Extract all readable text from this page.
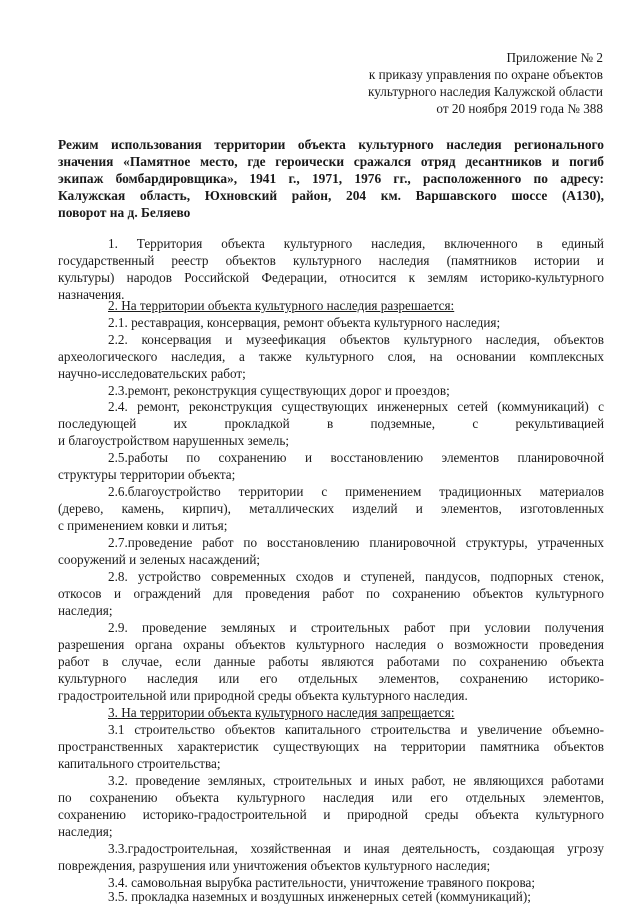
Приложение № 2
к приказу управления по охране объектов
культурного наследия Калужской области
от 20 ноября 2019 года № 388
Режим использования территории объекта культурного наследия регионального
значения «Памятное место, где героически сражался отряд десантников и погиб
экипаж бомбардировщика», 1941 г., 1971, 1976 гг., расположенного по адресу:
Калужская область, Юхновский район, 204 км. Варшавского шоссе (А130),
поворот на д. Беляево
1. Территория объекта культурного наследия, включенного в единый
государственный реестр объектов культурного наследия (памятников истории и
культуры) народов Российской Федерации, относится к землям историко-культурного
назначения.
2. На территории объекта культурного наследия разрешается:
2.1. реставрация, консервация, ремонт объекта культурного наследия;
2.2. консервация и музеефикация объектов культурного наследия, объектов
археологического наследия, а также культурного слоя, на основании комплексных
научно-исследовательских работ;
2.3.ремонт, реконструкция существующих дорог и проездов;
2.4. ремонт, реконструкция существующих инженерных сетей (коммуникаций) с
последующей их прокладкой в подземные, с рекультивацией
и благоустройством нарушенных земель;
2.5.работы по сохранению и восстановлению элементов планировочной
структуры территории объекта;
2.6.благоустройство территории с применением традиционных материалов
(дерево, камень, кирпич), металлических изделий и элементов, изготовленных
с применением ковки и литья;
2.7.проведение работ по восстановлению планировочной структуры, утраченных
сооружений и зеленых насаждений;
2.8. устройство современных сходов и ступеней, пандусов, подпорных стенок,
откосов и ограждений для проведения работ по сохранению объектов культурного
наследия;
2.9. проведение земляных и строительных работ при условии получения
разрешения органа охраны объектов культурного наследия о возможности проведения
работ в случае, если данные работы являются работами по сохранению объекта
культурного наследия или его отдельных элементов, сохранению историко-
градостроительной или природной среды объекта культурного наследия.
3. На территории объекта культурного наследия запрещается:
3.1 строительство объектов капитального строительства и увеличение объемно-
пространственных характеристик существующих на территории памятника объектов
капитального строительства;
3.2. проведение земляных, строительных и иных работ, не являющихся работами
по сохранению объекта культурного наследия или его отдельных элементов,
сохранению историко-градостроительной и природной среды объекта культурного
наследия;
3.3.градостроительная, хозяйственная и иная деятельность, создающая угрозу
повреждения, разрушения или уничтожения объектов культурного наследия;
3.4. самовольная вырубка растительности, уничтожение травяного покрова;
3.5. прокладка наземных и воздушных инженерных сетей (коммуникаций);
